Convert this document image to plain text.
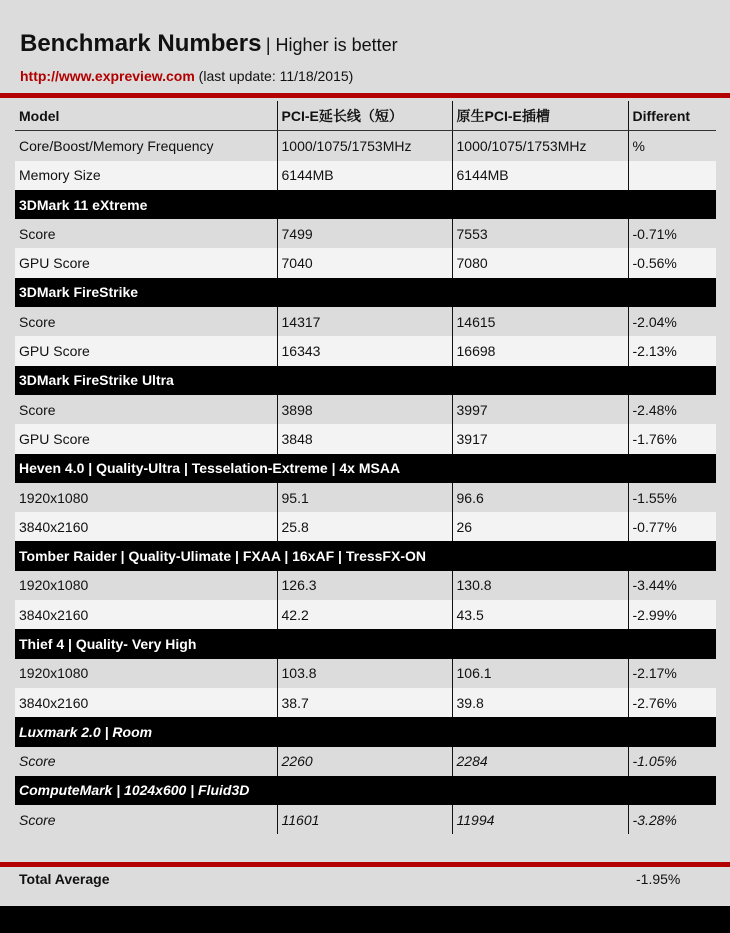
Benchmark Numbers | Higher is better
http://www.expreview.com (last update: 11/18/2015)
Model	PCI-E延长线（短）	原生PCI-E插槽	Different
Core/Boost/Memory Frequency	1000/1075/1753MHz	1000/1075/1753MHz	%
Memory Size	6144MB	6144MB	
3DMark 11 eXtreme			
Score	7499	7553	-0.71%
GPU Score	7040	7080	-0.56%
3DMark FireStrike			
Score	14317	14615	-2.04%
GPU Score	16343	16698	-2.13%
3DMark FireStrike Ultra			
Score	3898	3997	-2.48%
GPU Score	3848	3917	-1.76%
Heven 4.0 | Quality-Ultra | Tesselation-Extreme | 4x MSAA			
1920x1080	95.1	96.6	-1.55%
3840x2160	25.8	26	-0.77%
Tomber Raider | Quality-Ulimate | FXAA | 16xAF | TressFX-ON			
1920x1080	126.3	130.8	-3.44%
3840x2160	42.2	43.5	-2.99%
Thief 4 | Quality- Very High			
1920x1080	103.8	106.1	-2.17%
3840x2160	38.7	39.8	-2.76%
Luxmark 2.0 | Room			
Score	2260	2284	-1.05%
ComputeMark | 1024x600 | Fluid3D			
Score	11601	11994	-3.28%
Total Average	-1.95%
